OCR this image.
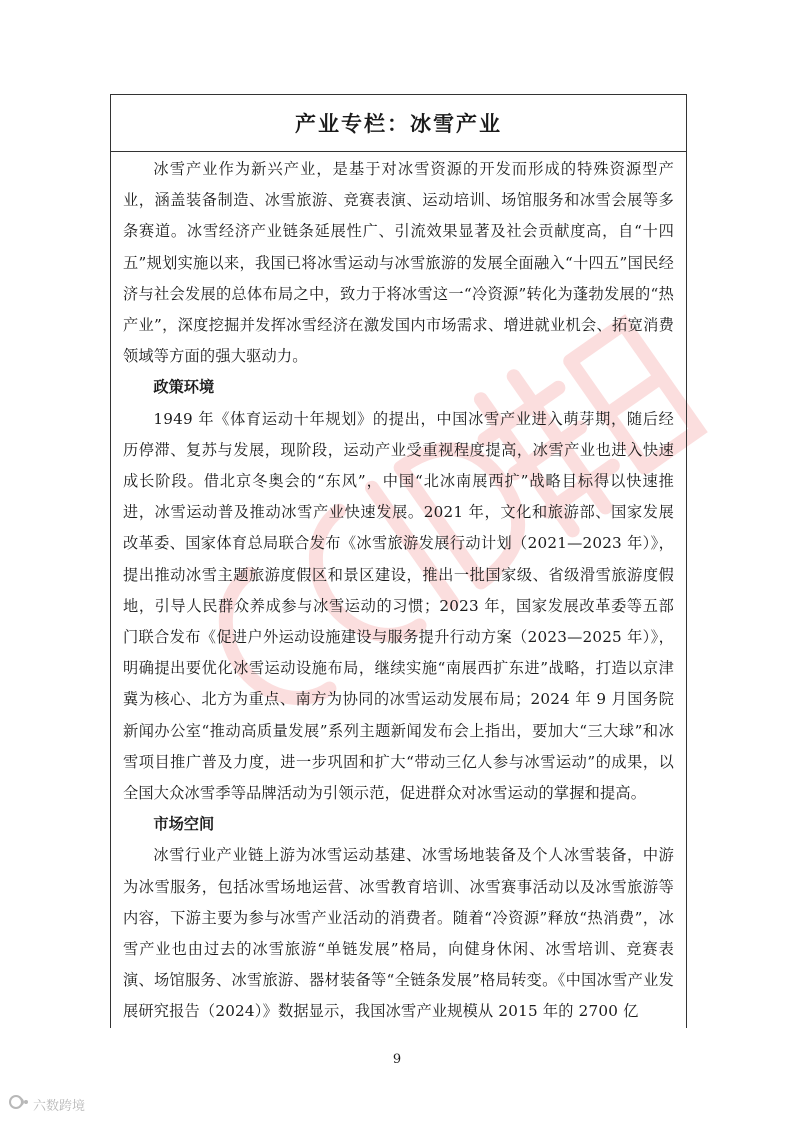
产业专栏：冰雪产业

冰雪产业作为新兴产业，是基于对冰雪资源的开发而形成的特殊资源型产业，涵盖装备制造、冰雪旅游、竞赛表演、运动培训、场馆服务和冰雪会展等多条赛道。冰雪经济产业链条延展性广、引流效果显著及社会贡献度高，自“十四五”规划实施以来，我国已将冰雪运动与冰雪旅游的发展全面融入“十四五”国民经济与社会发展的总体布局之中，致力于将冰雪这一“冷资源”转化为蓬勃发展的“热产业”，深度挖掘并发挥冰雪经济在激发国内市场需求、增进就业机会、拓宽消费领域等方面的强大驱动力。

政策环境

1949 年《体育运动十年规划》的提出，中国冰雪产业进入萌芽期，随后经历停滞、复苏与发展，现阶段，运动产业受重视程度提高，冰雪产业也进入快速成长阶段。借北京冬奥会的“东风”，中国“北冰南展西扩”战略目标得以快速推进，冰雪运动普及推动冰雪产业快速发展。2021 年，文化和旅游部、国家发展改革委、国家体育总局联合发布《冰雪旅游发展行动计划（2021—2023 年）》，提出推动冰雪主题旅游度假区和景区建设，推出一批国家级、省级滑雪旅游度假地，引导人民群众养成参与冰雪运动的习惯；2023 年，国家发展改革委等五部门联合发布《促进户外运动设施建设与服务提升行动方案（2023—2025 年）》，明确提出要优化冰雪运动设施布局，继续实施“南展西扩东进”战略，打造以京津冀为核心、北方为重点、南方为协同的冰雪运动发展布局；2024 年 9 月国务院新闻办公室“推动高质量发展”系列主题新闻发布会上指出，要加大“三大球”和冰雪项目推广普及力度，进一步巩固和扩大“带动三亿人参与冰雪运动”的成果，以全国大众冰雪季等品牌活动为引领示范，促进群众对冰雪运动的掌握和提高。

市场空间

冰雪行业产业链上游为冰雪运动基建、冰雪场地装备及个人冰雪装备，中游为冰雪服务，包括冰雪场地运营、冰雪教育培训、冰雪赛事活动以及冰雪旅游等内容，下游主要为参与冰雪产业活动的消费者。随着“冷资源”释放“热消费”，冰雪产业也由过去的冰雪旅游“单链发展”格局，向健身休闲、冰雪培训、竞赛表演、场馆服务、冰雪旅游、器材装备等“全链条发展”格局转变。《中国冰雪产业发展研究报告（2024）》数据显示，我国冰雪产业规模从 2015 年的 2700 亿

9
六数跨境
